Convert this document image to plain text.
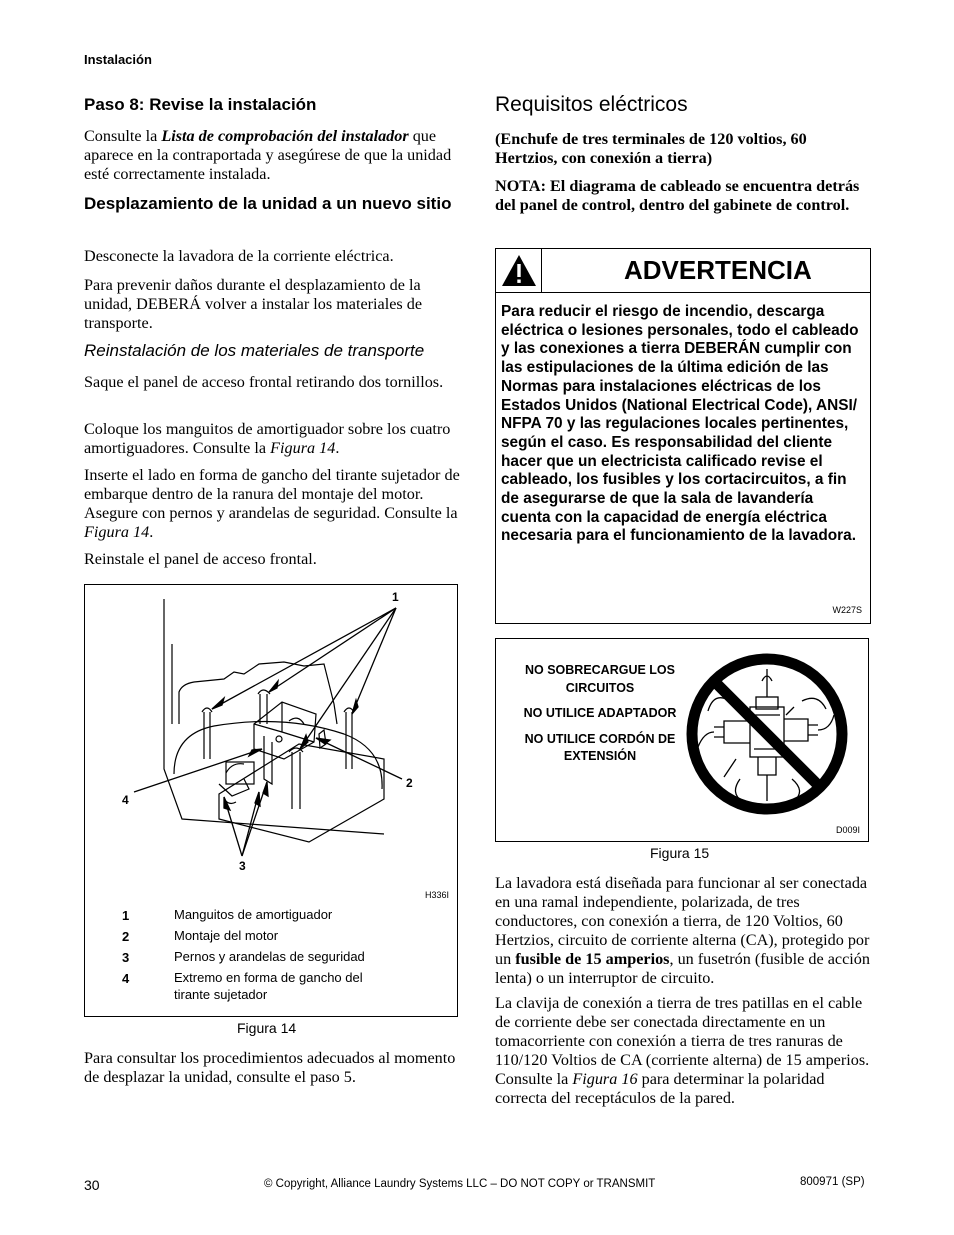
Instalación
Paso 8: Revise la instalación
Consulte la Lista de comprobación del instalador que aparece en la contraportada y asegúrese de que la unidad esté correctamente instalada.
Desplazamiento de la unidad a un nuevo sitio
Desconecte la lavadora de la corriente eléctrica.
Para prevenir daños durante el desplazamiento de la unidad, DEBERÁ volver a instalar los materiales de transporte.
Reinstalación de los materiales de transporte
Saque el panel de acceso frontal retirando dos tornillos.
Coloque los manguitos de amortiguador sobre los cuatro amortiguadores. Consulte la Figura 14.
Inserte el lado en forma de gancho del tirante sujetador de embarque dentro de la ranura del montaje del motor. Asegure con pernos y arandelas de seguridad. Consulte la Figura 14.
Reinstale el panel de acceso frontal.
1
2
3
4
H336I
1	Manguitos de amortiguador
2	Montaje del motor
3	Pernos y arandelas de seguridad
4	Extremo en forma de gancho del tirante sujetador
Figura 14
Para consultar los procedimientos adecuados al momento de desplazar la unidad, consulte el paso 5.
Requisitos eléctricos
(Enchufe de tres terminales de 120 voltios, 60 Hertzios, con conexión a tierra)
NOTA: El diagrama de cableado se encuentra detrás del panel de control, dentro del gabinete de control.
ADVERTENCIA
Para reducir el riesgo de incendio, descarga eléctrica o lesiones personales, todo el cableado y las conexiones a tierra DEBERÁN cumplir con las estipulaciones de la última edición de las Normas para instalaciones eléctricas de los Estados Unidos (National Electrical Code), ANSI/ NFPA 70 y las regulaciones locales pertinentes, según el caso. Es responsabilidad del cliente hacer que un electricista calificado revise el cableado, los fusibles y los cortacircuitos, a fin de asegurarse de que la sala de lavandería cuenta con la capacidad de energía eléctrica necesaria para el funcionamiento de la lavadora.
W227S
NO SOBRECARGUE LOS CIRCUITOS
NO UTILICE ADAPTADOR
NO UTILICE CORDÓN DE EXTENSIÓN
D009I
Figura 15
La lavadora está diseñada para funcionar al ser conectada en una ramal independiente, polarizada, de tres conductores, con conexión a tierra, de 120 Voltios, 60 Hertzios, circuito de corriente alterna (CA), protegido por un fusible de 15 amperios, un fusetrón (fusible de acción lenta) o un interruptor de circuito.
La clavija de conexión a tierra de tres patillas en el cable de corriente debe ser conectada directamente en un tomacorriente con conexión a tierra de tres ranuras de 110/120 Voltios de CA (corriente alterna) de 15 amperios. Consulte la Figura 16 para determinar la polaridad correcta del receptáculos de la pared.
30	© Copyright, Alliance Laundry Systems LLC – DO NOT COPY or TRANSMIT	800971 (SP)
